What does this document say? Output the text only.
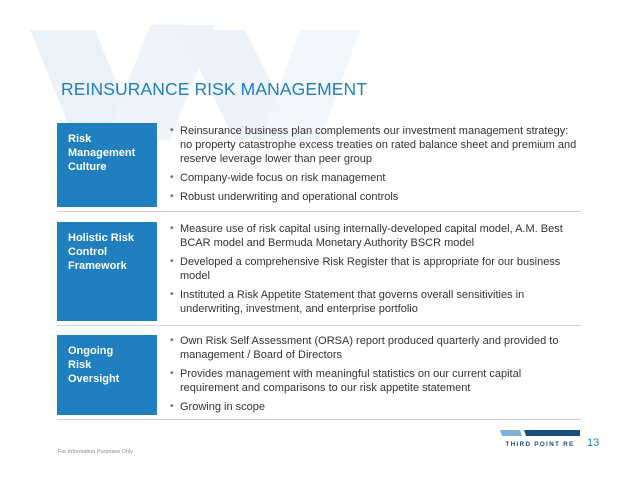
REINSURANCE RISK MANAGEMENT
Risk
Management
Culture
• Reinsurance business plan complements our investment management strategy: no property catastrophe excess treaties on rated balance sheet and premium and reserve leverage lower than peer group
• Company-wide focus on risk management
• Robust underwriting and operational controls
Holistic Risk
Control
Framework
• Measure use of risk capital using internally-developed capital model, A.M. Best BCAR model and Bermuda Monetary Authority BSCR model
• Developed a comprehensive Risk Register that is appropriate for our business model
• Instituted a Risk Appetite Statement that governs overall sensitivities in underwriting, investment, and enterprise portfolio
Ongoing
Risk
Oversight
• Own Risk Self Assessment (ORSA) report produced quarterly and provided to management / Board of Directors
• Provides management with meaningful statistics on our current capital requirement and comparisons to our risk appetite statement
• Growing in scope
For Information Purposes Only
THIRD POINT RE	13
